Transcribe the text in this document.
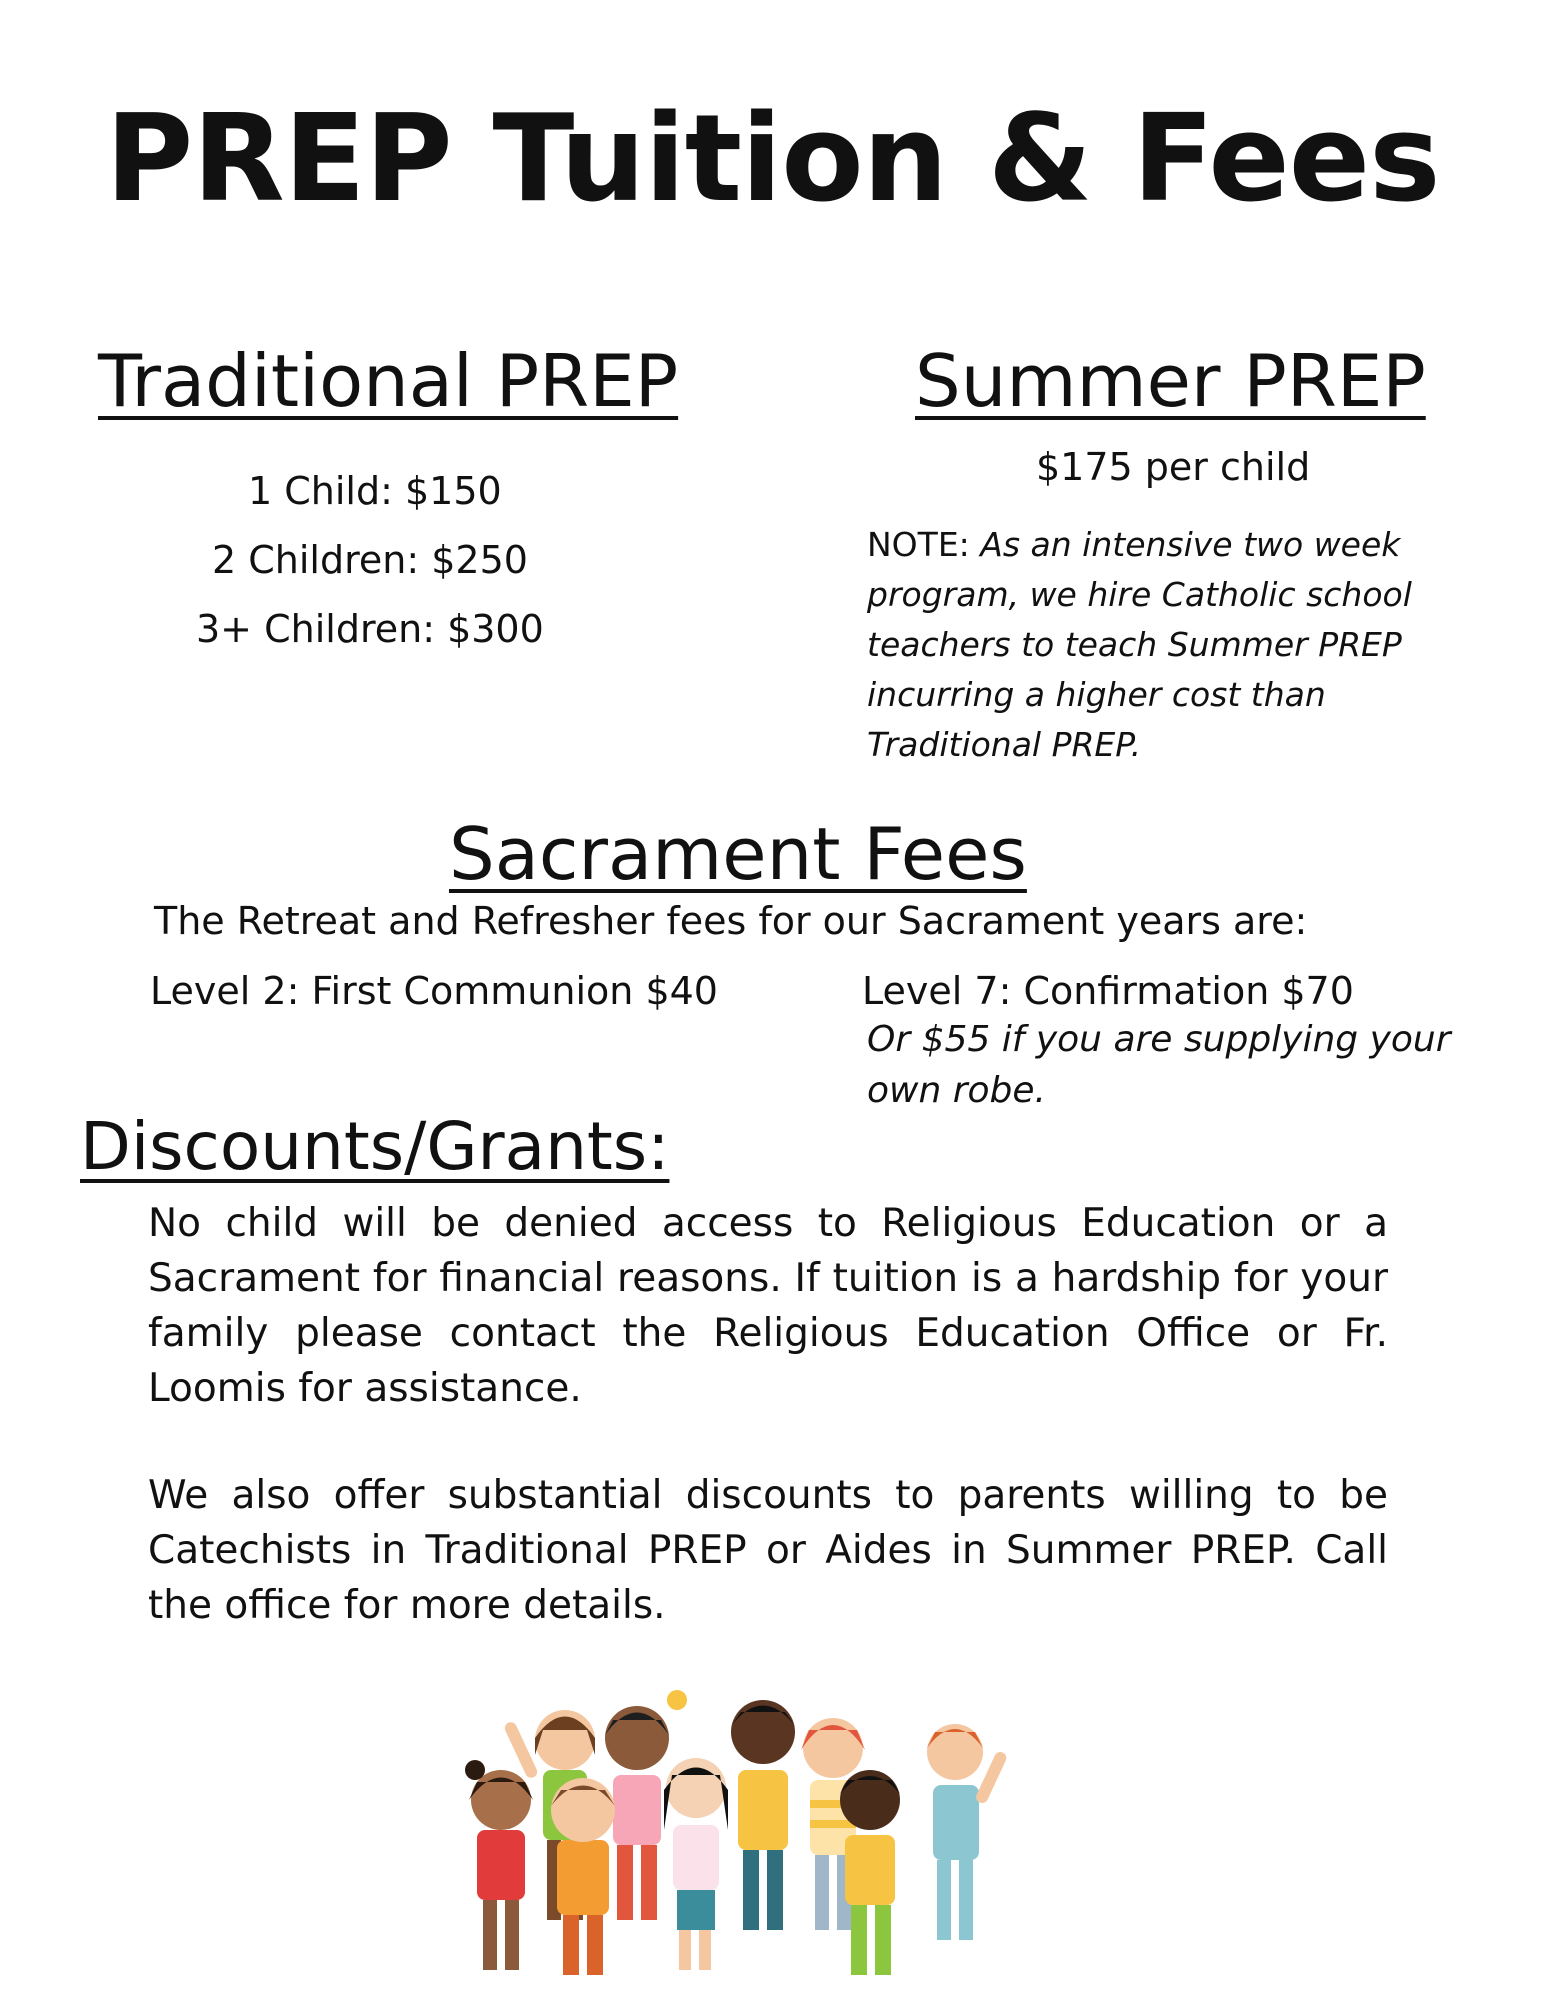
PREP Tuition & Fees
Traditional PREP
1 Child: $150
2 Children: $250
3+ Children: $300
Summer PREP
$175 per child
NOTE: As an intensive two week program, we hire Catholic school teachers to teach Summer PREP incurring a higher cost than Traditional PREP.
Sacrament Fees
The Retreat and Refresher fees for our Sacrament years are:
Level 2: First Communion $40	Level 7: Confirmation $70
Or $55 if you are supplying your own robe.
Discounts/Grants:
No child will be denied access to Religious Education or a Sacrament for financial reasons. If tuition is a hardship for your family please contact the Religious Education Office or Fr. Loomis for assistance.
We also offer substantial discounts to parents willing to be Catechists in Traditional PREP or Aides in Summer PREP. Call the office for more details.
